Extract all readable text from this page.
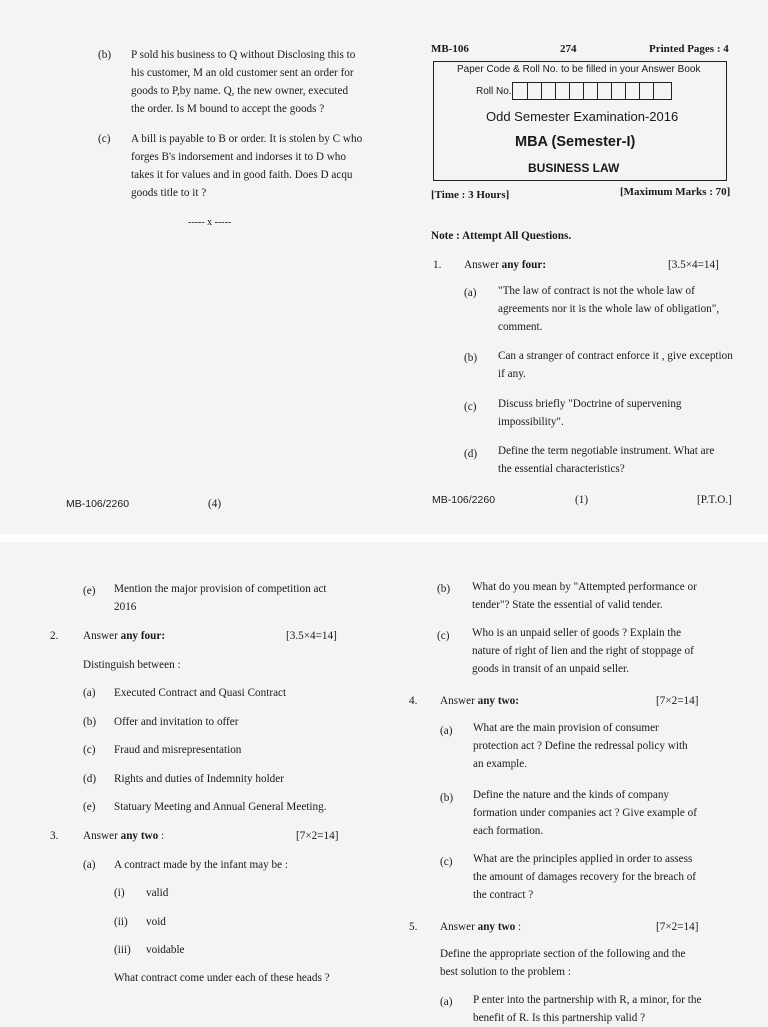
(b) P sold his business to Q without Disclosing this to
his customer, M an old customer sent an order for
goods to P,by name. Q, the new owner, executed
the order. Is M bound to accept the goods ?
(c) A bill is payable to B or order. It is stolen by C who
forges B's indorsement and indorses it to D who
takes it for values and in good faith. Does D acqu
goods title to it ?
----- x -----
MB-106/2260	(4)
MB-106	274	Printed Pages : 4
Paper Code & Roll No. to be filled in your Answer Book
Roll No.
Odd Semester Examination-2016
MBA (Semester-I)
BUSINESS LAW
[Time : 3 Hours]	[Maximum Marks : 70]
Note : Attempt All Questions.
1. Answer any four:	[3.5×4=14]
(a) "The law of contract is not the whole law of
agreements nor it is the whole law of obligation",
comment.
(b) Can a stranger of contract enforce it , give exception
if any.
(c) Discuss briefly "Doctrine of supervening
impossibility".
(d) Define the term negotiable instrument. What are
the essential characteristics?
MB-106/2260	(1)	[P.T.O.]
(e) Mention the major provision of competition act
2016
2. Answer any four:	[3.5×4=14]
Distinguish between :
(a) Executed Contract and Quasi Contract
(b) Offer and invitation to offer
(c) Fraud and misrepresentation
(d) Rights and duties of Indemnity holder
(e) Statuary Meeting and Annual General Meeting.
3. Answer any two :	[7×2=14]
(a) A contract made by the infant may be :
(i) valid
(ii) void
(iii) voidable
What contract come under each of these heads ?
(b) What do you mean by "Attempted performance or
tender"? State the essential of valid tender.
(c) Who is an unpaid seller of goods ? Explain the
nature of right of lien and the right of stoppage of
goods in transit of an unpaid seller.
4. Answer any two:	[7×2=14]
(a) What are the main provision of consumer
protection act ? Define the redressal policy with
an example.
(b) Define the nature and the kinds of company
formation under companies act ? Give example of
each formation.
(c) What are the principles applied in order to assess
the amount of damages recovery for the breach of
the contract ?
5. Answer any two :	[7×2=14]
Define the appropriate section of the following and the
best solution to the problem :
(a) P enter into the partnership with R, a minor, for the
benefit of R. Is this partnership valid ?
